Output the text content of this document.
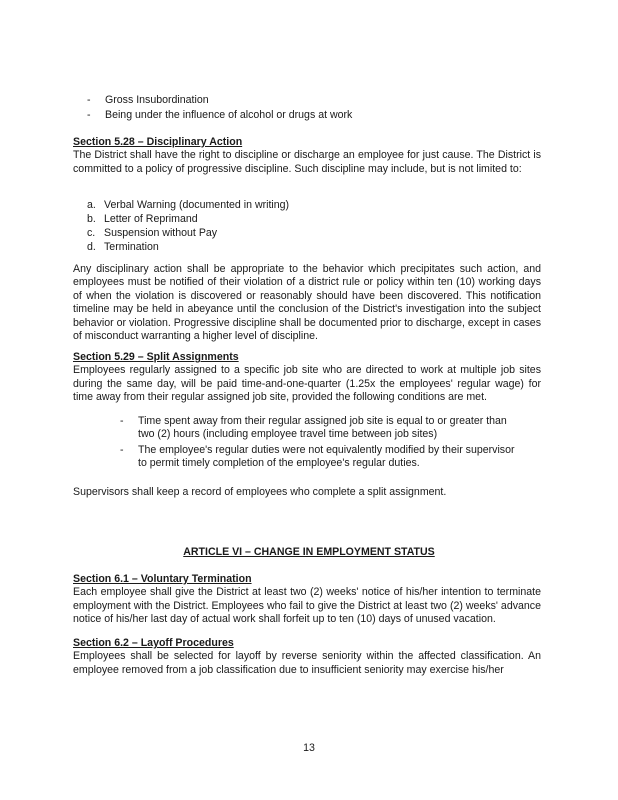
- Gross Insubordination
- Being under the influence of alcohol or drugs at work
Section 5.28 – Disciplinary Action
The District shall have the right to discipline or discharge an employee for just cause. The District is committed to a policy of progressive discipline. Such discipline may include, but is not limited to:
a. Verbal Warning (documented in writing)
b. Letter of Reprimand
c. Suspension without Pay
d. Termination
Any disciplinary action shall be appropriate to the behavior which precipitates such action, and employees must be notified of their violation of a district rule or policy within ten (10) working days of when the violation is discovered or reasonably should have been discovered. This notification timeline may be held in abeyance until the conclusion of the District's investigation into the subject behavior or violation. Progressive discipline shall be documented prior to discharge, except in cases of misconduct warranting a higher level of discipline.
Section 5.29 – Split Assignments
Employees regularly assigned to a specific job site who are directed to work at multiple job sites during the same day, will be paid time-and-one-quarter (1.25x the employees' regular wage) for time away from their regular assigned job site, provided the following conditions are met.
- Time spent away from their regular assigned job site is equal to or greater than two (2) hours (including employee travel time between job sites)
- The employee's regular duties were not equivalently modified by their supervisor to permit timely completion of the employee's regular duties.
Supervisors shall keep a record of employees who complete a split assignment.
ARTICLE VI – CHANGE IN EMPLOYMENT STATUS
Section 6.1 – Voluntary Termination
Each employee shall give the District at least two (2) weeks' notice of his/her intention to terminate employment with the District. Employees who fail to give the District at least two (2) weeks' advance notice of his/her last day of actual work shall forfeit up to ten (10) days of unused vacation.
Section 6.2 – Layoff Procedures
Employees shall be selected for layoff by reverse seniority within the affected classification. An employee removed from a job classification due to insufficient seniority may exercise his/her
13
